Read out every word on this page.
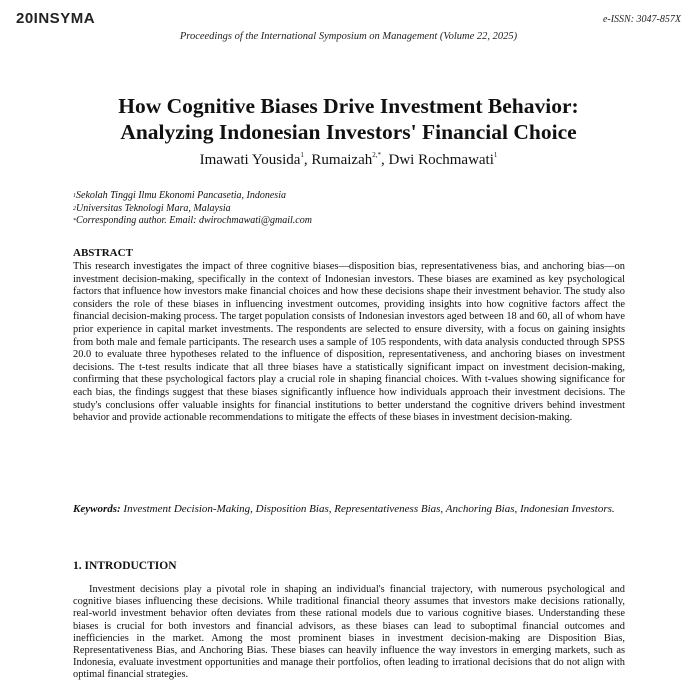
20INSYMA	e-ISSN: 3047-857X
Proceedings of the International Symposium on Management (Volume 22, 2025)
How Cognitive Biases Drive Investment Behavior:
Analyzing Indonesian Investors' Financial Choice
Imawati Yousida$^1$, Rumaizah$^{2,*}$, Dwi Rochmawati$^1$
$^1$Sekolah Tinggi Ilmu Ekonomi Pancasetia, Indonesia
$^2$Universitas Teknologi Mara, Malaysia
*Corresponding author. Email: dwirochmawati@gmail.com
ABSTRACT

This research investigates the impact of three cognitive biases—disposition bias, representativeness bias, and anchoring bias—on investment decision-making, specifically in the context of Indonesian investors. These biases are examined as key psychological factors that influence how investors make financial choices and how these decisions shape their investment behavior. The study also considers the role of these biases in influencing investment outcomes, providing insights into how cognitive factors affect the financial decision-making process. The target population consists of Indonesian investors aged between 18 and 60, all of whom have prior experience in capital market investments. The respondents are selected to ensure diversity, with a focus on gaining insights from both male and female participants. The research uses a sample of 105 respondents, with data analysis conducted through SPSS 20.0 to evaluate three hypotheses related to the influence of disposition, representativeness, and anchoring biases on investment decisions. The t-test results indicate that all three biases have a statistically significant impact on investment decision-making, confirming that these psychological factors play a crucial role in shaping financial choices. With t-values showing significance for each bias, the findings suggest that these biases significantly influence how individuals approach their investment decisions. The study's conclusions offer valuable insights for financial institutions to better understand the cognitive drivers behind investment behavior and provide actionable recommendations to mitigate the effects of these biases in investment decision-making.

Keywords: Investment Decision-Making, Disposition Bias, Representativeness Bias, Anchoring Bias, Indonesian Investors.
1. INTRODUCTION

Investment decisions play a pivotal role in shaping an individual's financial trajectory, with numerous psychological and cognitive biases influencing these decisions. While traditional financial theory assumes that investors make decisions rationally, real-world investment behavior often deviates from these rational models due to various cognitive biases. Understanding these biases is crucial for both investors and financial advisors, as these biases can lead to suboptimal financial outcomes and inefficiencies in the market. Among the most prominent biases in investment decision-making are Disposition Bias, Representativeness Bias, and Anchoring Bias. These biases can heavily influence the way investors in emerging markets, such as Indonesia, evaluate investment opportunities and manage their portfolios, often leading to irrational decisions that do not align with optimal financial strategies.
